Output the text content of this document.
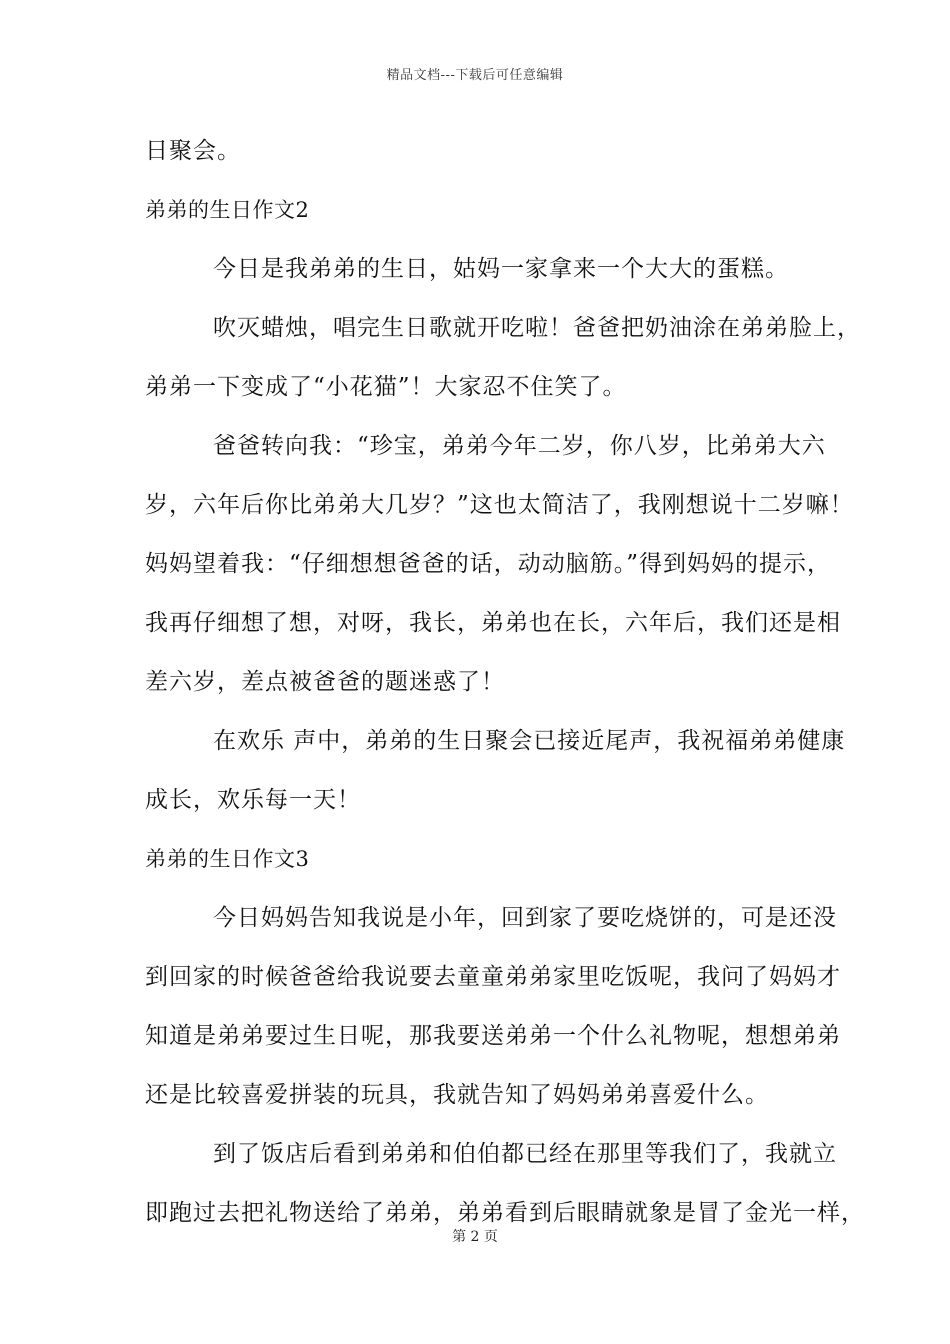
精品文档---下载后可任意编辑
日聚会。
弟弟的生日作文2
今日是我弟弟的生日，姑妈一家拿来一个大大的蛋糕。
吹灭蜡烛，唱完生日歌就开吃啦！爸爸把奶油涂在弟弟脸上，
弟弟一下变成了“小花猫”！大家忍不住笑了。
爸爸转向我：“珍宝，弟弟今年二岁，你八岁，比弟弟大六
岁，六年后你比弟弟大几岁？”这也太简洁了，我刚想说十二岁嘛！
妈妈望着我：“仔细想想爸爸的话，动动脑筋。”得到妈妈的提示，
我再仔细想了想，对呀，我长，弟弟也在长，六年后，我们还是相
差六岁，差点被爸爸的题迷惑了！
在欢乐 声中，弟弟的生日聚会已接近尾声，我祝福弟弟健康
成长，欢乐每一天！
弟弟的生日作文3
今日妈妈告知我说是小年，回到家了要吃烧饼的，可是还没
到回家的时候爸爸给我说要去童童弟弟家里吃饭呢，我问了妈妈才
知道是弟弟要过生日呢，那我要送弟弟一个什么礼物呢，想想弟弟
还是比较喜爱拼装的玩具，我就告知了妈妈弟弟喜爱什么。
到了饭店后看到弟弟和伯伯都已经在那里等我们了，我就立
即跑过去把礼物送给了弟弟，弟弟看到后眼睛就象是冒了金光一样，
第 2 页
